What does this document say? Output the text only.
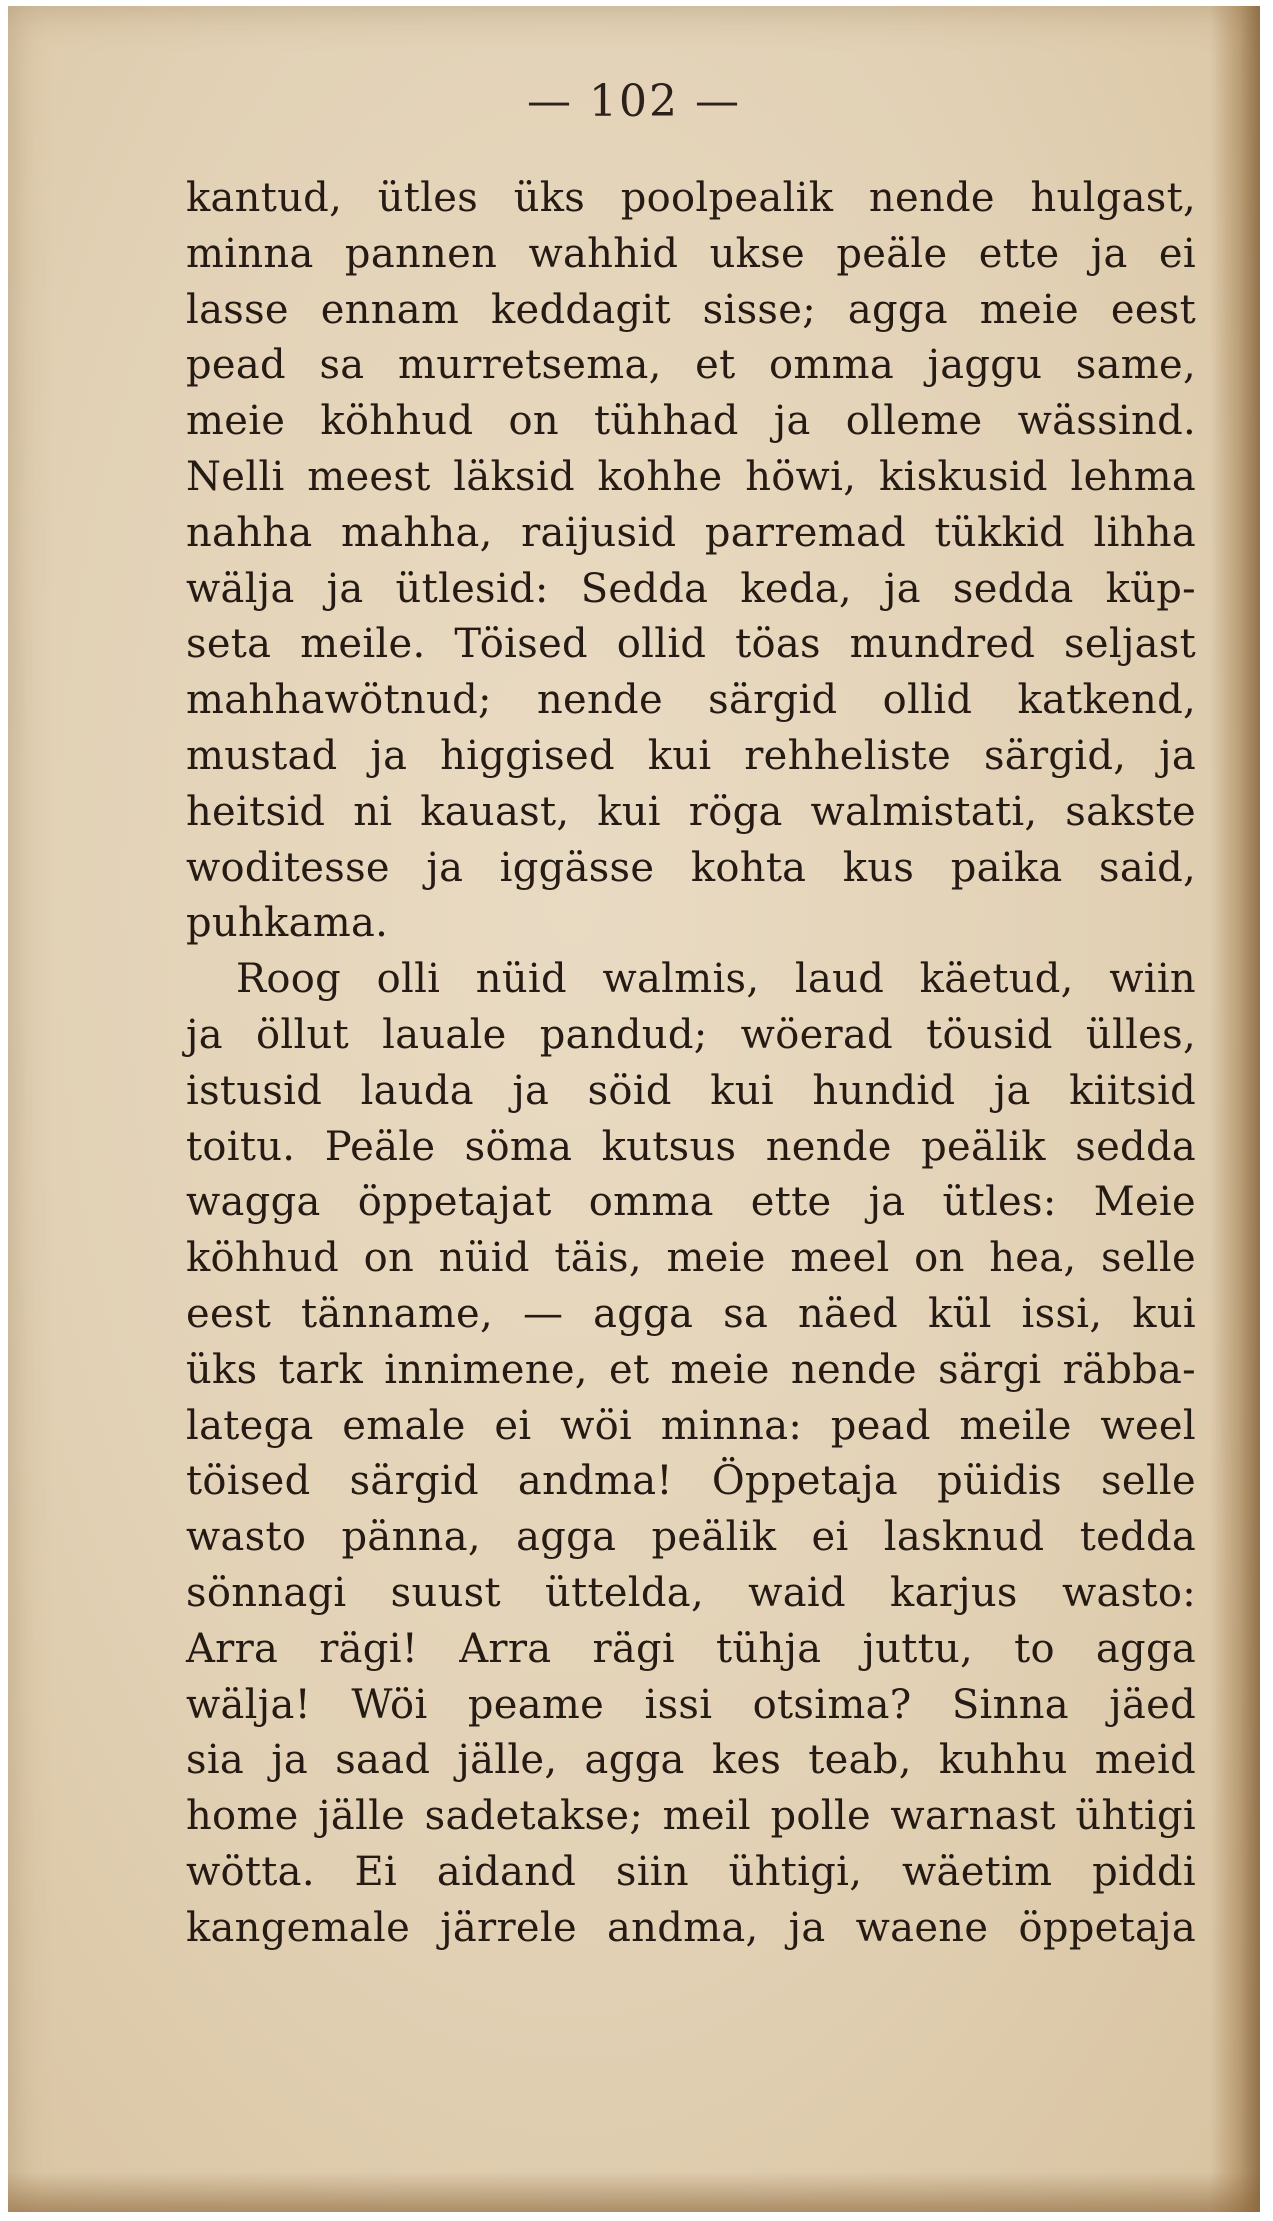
— 102 —
kantud, ütles üks poolpealik nende hulgast,
minna pannen wahhid ukse peäle ette ja ei
lasse ennam keddagit sisse; agga meie eest
pead sa murretsema, et omma jaggu same,
meie köhhud on tühhad ja olleme wässind.
Nelli meest läksid kohhe höwi, kiskusid lehma
nahha mahha, raijusid parremad tükkid lihha
wälja ja ütlesid: Sedda keda, ja sedda küp-
seta meile. Töised ollid töas mundred seljast
mahhawötnud; nende särgid ollid katkend,
mustad ja higgised kui rehheliste särgid, ja
heitsid ni kauast, kui röga walmistati, sakste
woditesse ja iggässe kohta kus paika said,
puhkama.
Roog olli nüid walmis, laud käetud, wiin
ja öllut lauale pandud; wöerad töusid ülles,
istusid lauda ja söid kui hundid ja kiitsid
toitu. Peäle söma kutsus nende peälik sedda
wagga öppetajat omma ette ja ütles: Meie
köhhud on nüid täis, meie meel on hea, selle
eest tänname, — agga sa näed kül issi, kui
üks tark innimene, et meie nende särgi räbba-
latega emale ei wöi minna: pead meile weel
töised särgid andma! Öppetaja püidis selle
wasto pänna, agga peälik ei lasknud tedda
sönnagi suust üttelda, waid karjus wasto:
Arra rägi! Arra rägi tühja juttu, to agga
wälja! Wöi peame issi otsima? Sinna jäed
sia ja saad jälle, agga kes teab, kuhhu meid
home jälle sadetakse; meil polle warnast ühtigi
wötta. Ei aidand siin ühtigi, wäetim piddi
kangemale järrele andma, ja waene öppetaja
